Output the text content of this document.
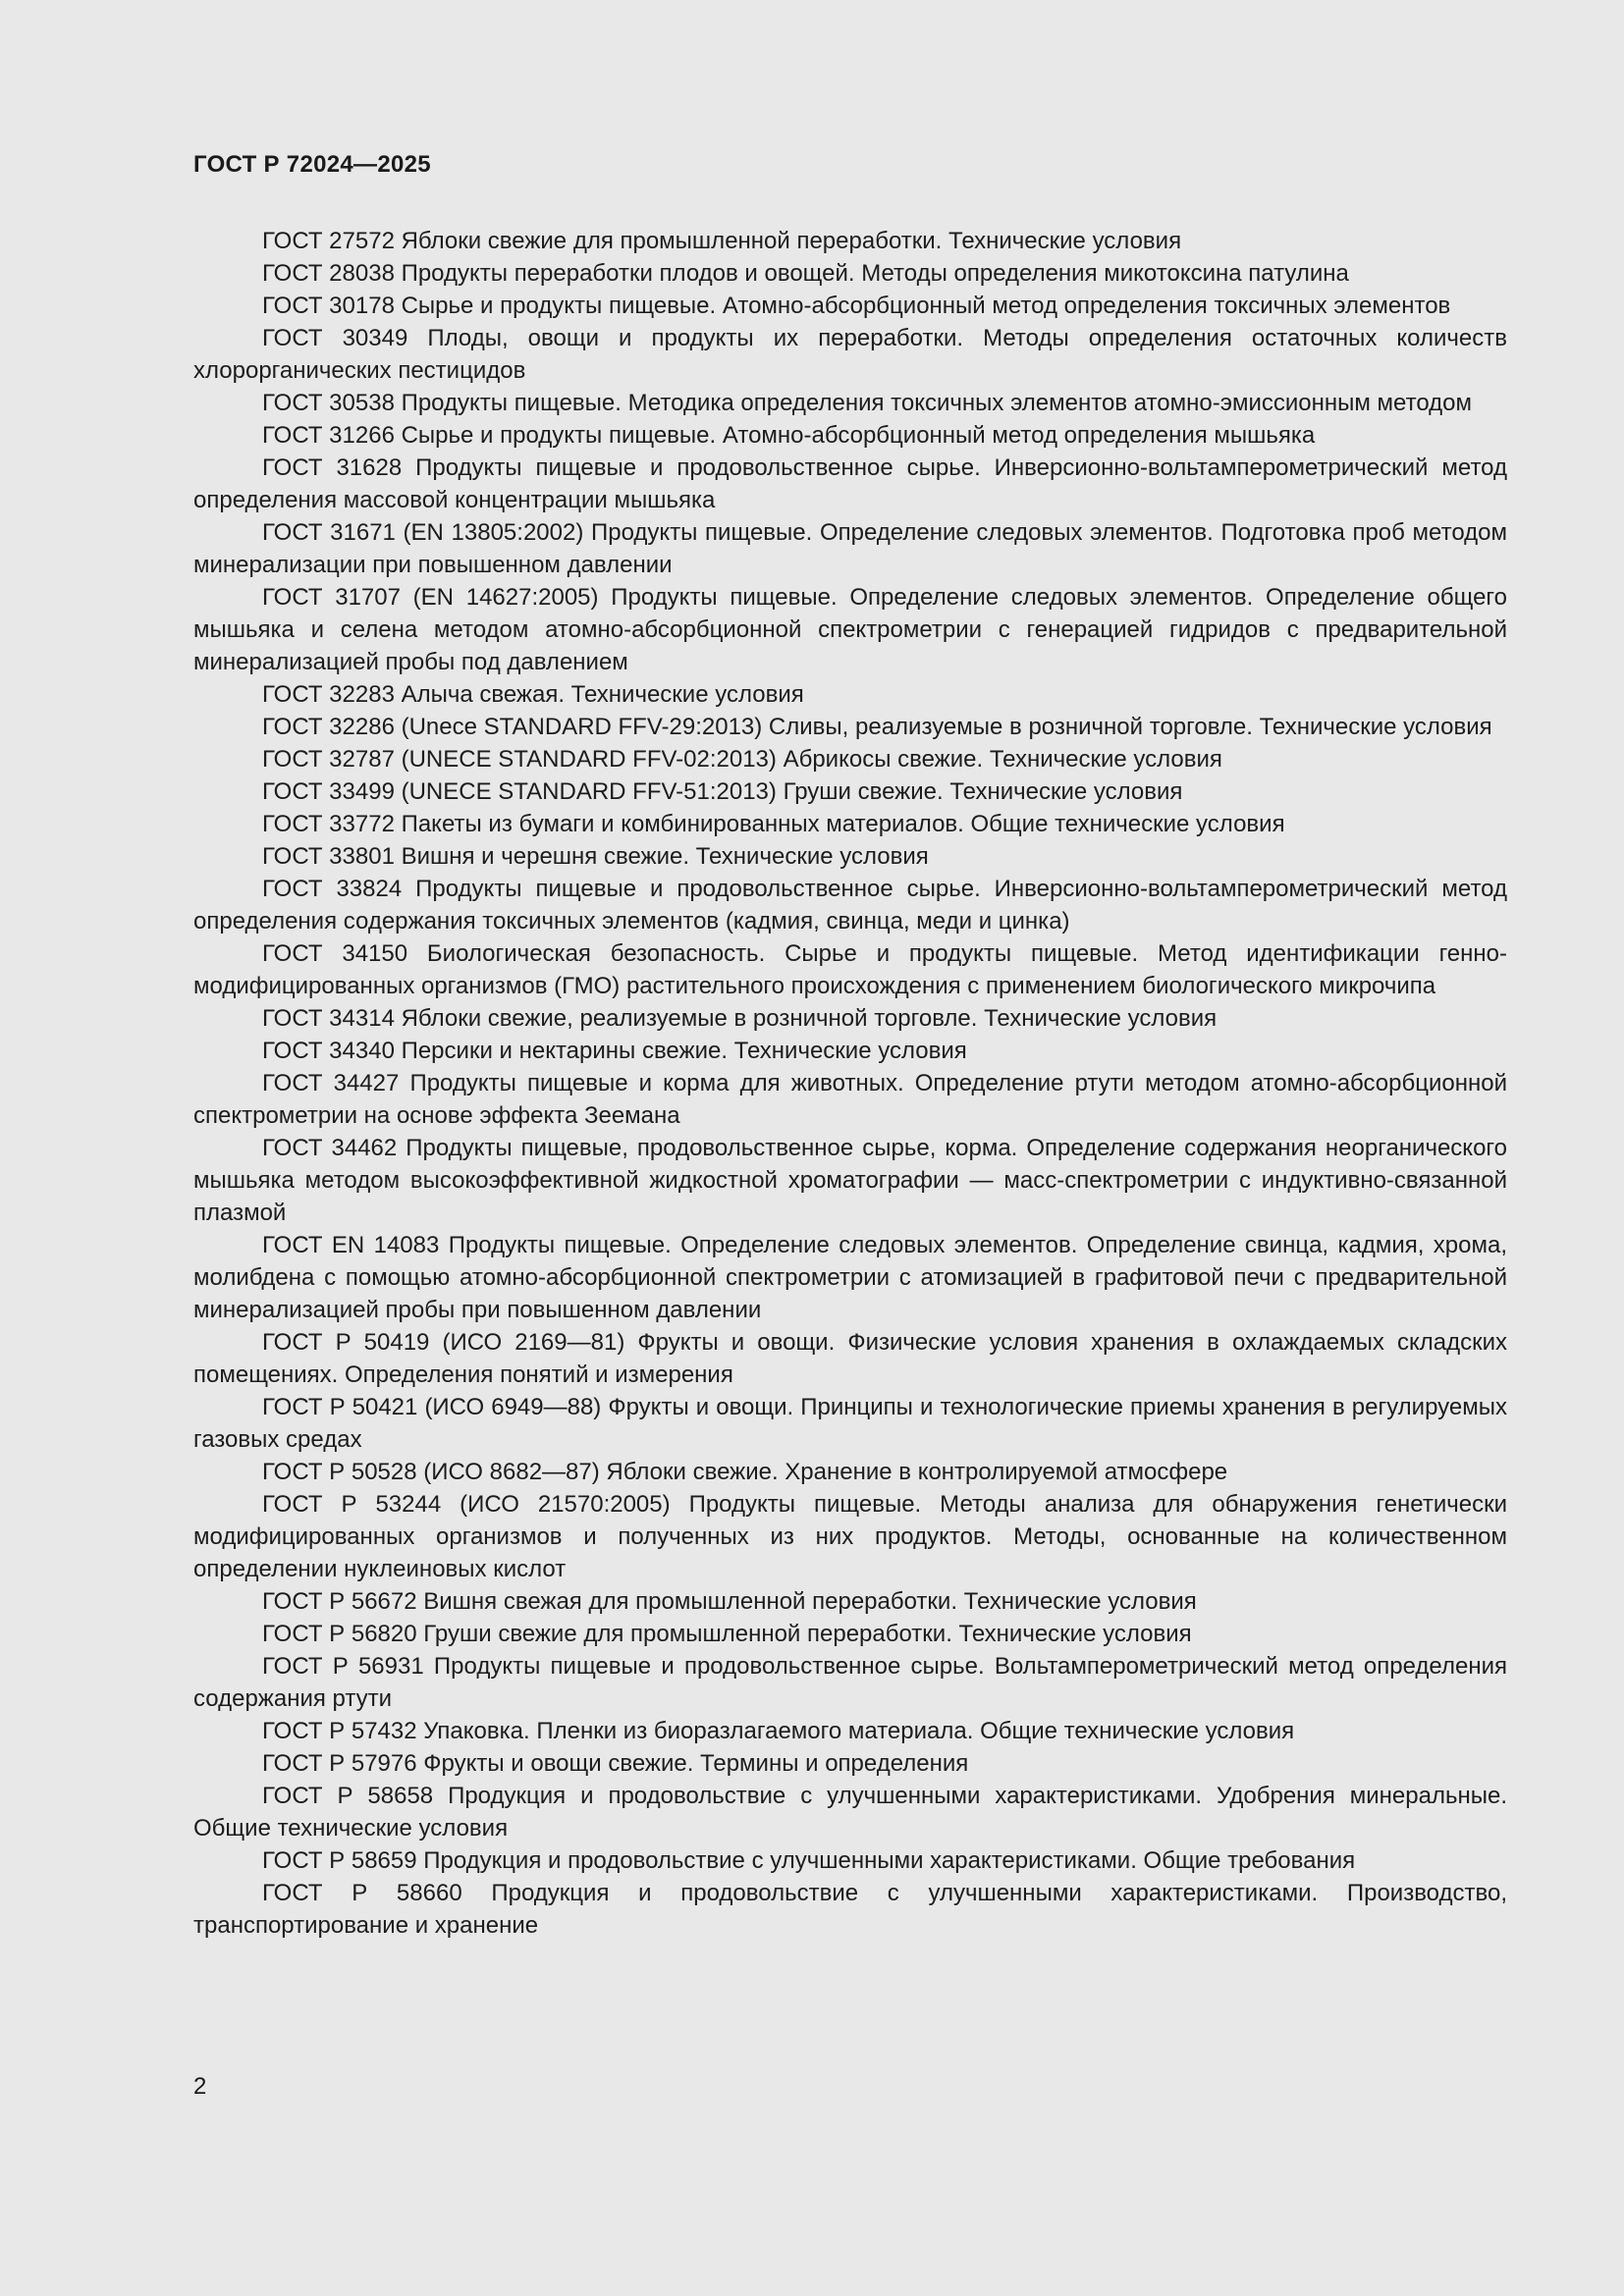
ГОСТ Р 72024—2025
ГОСТ 27572 Яблоки свежие для промышленной переработки. Технические условия
ГОСТ 28038 Продукты переработки плодов и овощей. Методы определения микотоксина патулина
ГОСТ 30178 Сырье и продукты пищевые. Атомно-абсорбционный метод определения токсичных элементов
ГОСТ 30349 Плоды, овощи и продукты их переработки. Методы определения остаточных количеств хлорорганических пестицидов
ГОСТ 30538 Продукты пищевые. Методика определения токсичных элементов атомно-эмиссионным методом
ГОСТ 31266 Сырье и продукты пищевые. Атомно-абсорбционный метод определения мышьяка
ГОСТ 31628 Продукты пищевые и продовольственное сырье. Инверсионно-вольтамперометрический метод определения массовой концентрации мышьяка
ГОСТ 31671 (EN 13805:2002) Продукты пищевые. Определение следовых элементов. Подготовка проб методом минерализации при повышенном давлении
ГОСТ 31707 (EN 14627:2005) Продукты пищевые. Определение следовых элементов. Определение общего мышьяка и селена методом атомно-абсорбционной спектрометрии с генерацией гидридов с предварительной минерализацией пробы под давлением
ГОСТ 32283 Алыча свежая. Технические условия
ГОСТ 32286 (Unece STANDARD FFV-29:2013) Сливы, реализуемые в розничной торговле. Технические условия
ГОСТ 32787 (UNECE STANDARD FFV-02:2013) Абрикосы свежие. Технические условия
ГОСТ 33499 (UNECE STANDARD FFV-51:2013) Груши свежие. Технические условия
ГОСТ 33772 Пакеты из бумаги и комбинированных материалов. Общие технические условия
ГОСТ 33801 Вишня и черешня свежие. Технические условия
ГОСТ 33824 Продукты пищевые и продовольственное сырье. Инверсионно-вольтамперометрический метод определения содержания токсичных элементов (кадмия, свинца, меди и цинка)
ГОСТ 34150 Биологическая безопасность. Сырье и продукты пищевые. Метод идентификации генно-модифицированных организмов (ГМО) растительного происхождения с применением биологического микрочипа
ГОСТ 34314 Яблоки свежие, реализуемые в розничной торговле. Технические условия
ГОСТ 34340 Персики и нектарины свежие. Технические условия
ГОСТ 34427 Продукты пищевые и корма для животных. Определение ртути методом атомно-абсорбционной спектрометрии на основе эффекта Зеемана
ГОСТ 34462 Продукты пищевые, продовольственное сырье, корма. Определение содержания неорганического мышьяка методом высокоэффективной жидкостной хроматографии — масс-спектрометрии с индуктивно-связанной плазмой
ГОСТ EN 14083 Продукты пищевые. Определение следовых элементов. Определение свинца, кадмия, хрома, молибдена с помощью атомно-абсорбционной спектрометрии с атомизацией в графитовой печи с предварительной минерализацией пробы при повышенном давлении
ГОСТ Р 50419 (ИСО 2169—81) Фрукты и овощи. Физические условия хранения в охлаждаемых складских помещениях. Определения понятий и измерения
ГОСТ Р 50421 (ИСО 6949—88) Фрукты и овощи. Принципы и технологические приемы хранения в регулируемых газовых средах
ГОСТ Р 50528 (ИСО 8682—87) Яблоки свежие. Хранение в контролируемой атмосфере
ГОСТ Р 53244 (ИСО 21570:2005) Продукты пищевые. Методы анализа для обнаружения генетически модифицированных организмов и полученных из них продуктов. Методы, основанные на количественном определении нуклеиновых кислот
ГОСТ Р 56672 Вишня свежая для промышленной переработки. Технические условия
ГОСТ Р 56820 Груши свежие для промышленной переработки. Технические условия
ГОСТ Р 56931 Продукты пищевые и продовольственное сырье. Вольтамперометрический метод определения содержания ртути
ГОСТ Р 57432 Упаковка. Пленки из биоразлагаемого материала. Общие технические условия
ГОСТ Р 57976 Фрукты и овощи свежие. Термины и определения
ГОСТ Р 58658 Продукция и продовольствие с улучшенными характеристиками. Удобрения минеральные. Общие технические условия
ГОСТ Р 58659 Продукция и продовольствие с улучшенными характеристиками. Общие требования
ГОСТ Р 58660 Продукция и продовольствие с улучшенными характеристиками. Производство, транспортирование и хранение
2
